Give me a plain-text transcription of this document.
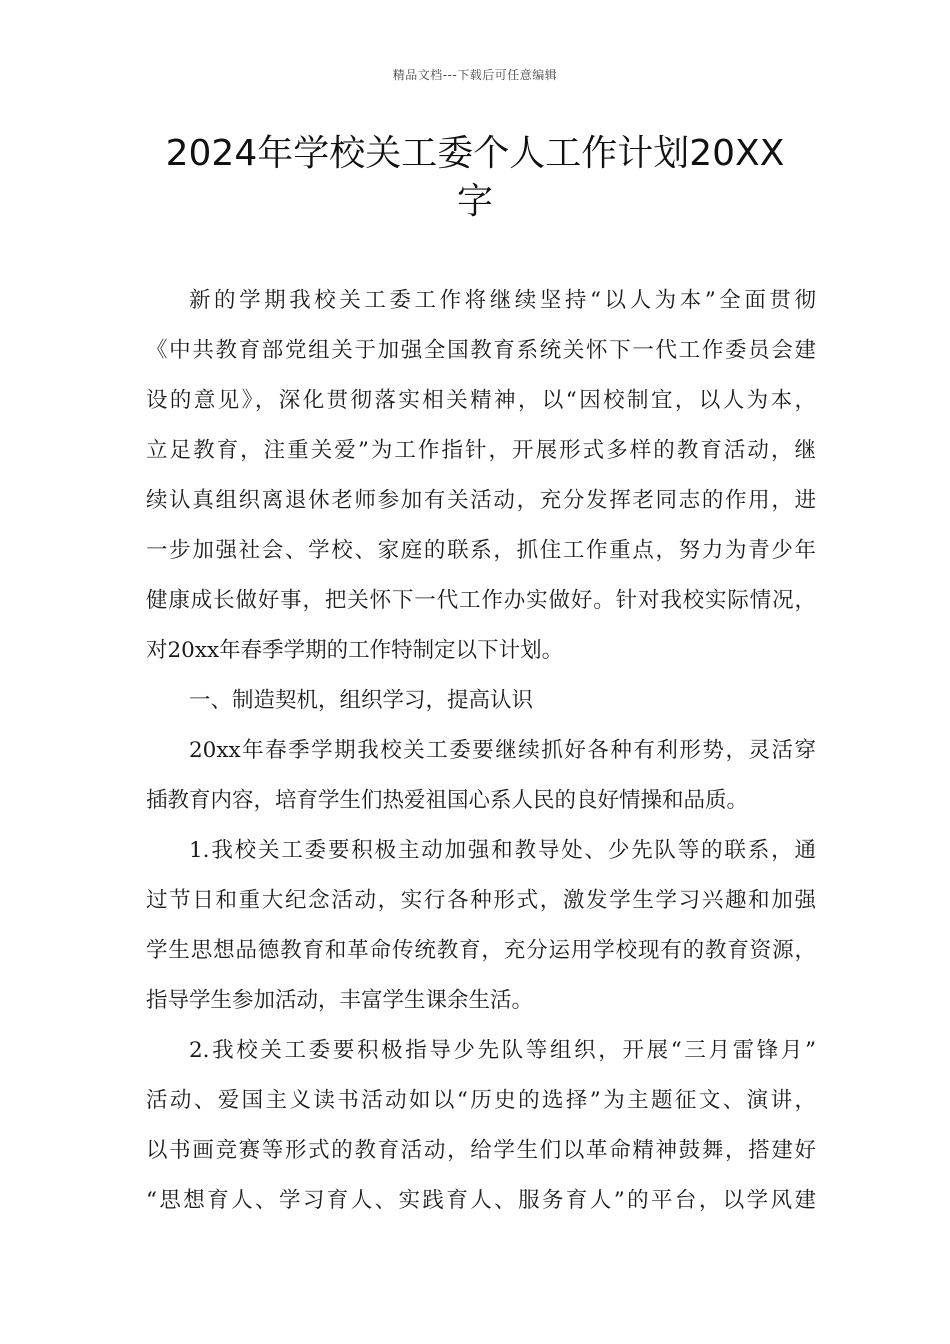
精品文档---下载后可任意编辑
2024年学校关工委个人工作计划20XX
字
新的学期我校关工委工作将继续坚持“以人为本”全面贯彻
《中共教育部党组关于加强全国教育系统关怀下一代工作委员会建
设的意见》，深化贯彻落实相关精神，以“因校制宜，以人为本，
立足教育，注重关爱”为工作指针，开展形式多样的教育活动，继
续认真组织离退休老师参加有关活动，充分发挥老同志的作用，进
一步加强社会、学校、家庭的联系，抓住工作重点，努力为青少年
健康成长做好事，把关怀下一代工作办实做好。针对我校实际情况，
对20xx年春季学期的工作特制定以下计划。
一、制造契机，组织学习，提高认识
20xx年春季学期我校关工委要继续抓好各种有利形势，灵活穿
插教育内容，培育学生们热爱祖国心系人民的良好情操和品质。
1.我校关工委要积极主动加强和教导处、少先队等的联系，通
过节日和重大纪念活动，实行各种形式，激发学生学习兴趣和加强
学生思想品德教育和革命传统教育，充分运用学校现有的教育资源，
指导学生参加活动，丰富学生课余生活。
2.我校关工委要积极指导少先队等组织，开展“三月雷锋月”
活动、爱国主义读书活动如以“历史的选择”为主题征文、演讲，
以书画竞赛等形式的教育活动，给学生们以革命精神鼓舞，搭建好
“思想育人、学习育人、实践育人、服务育人”的平台，以学风建
